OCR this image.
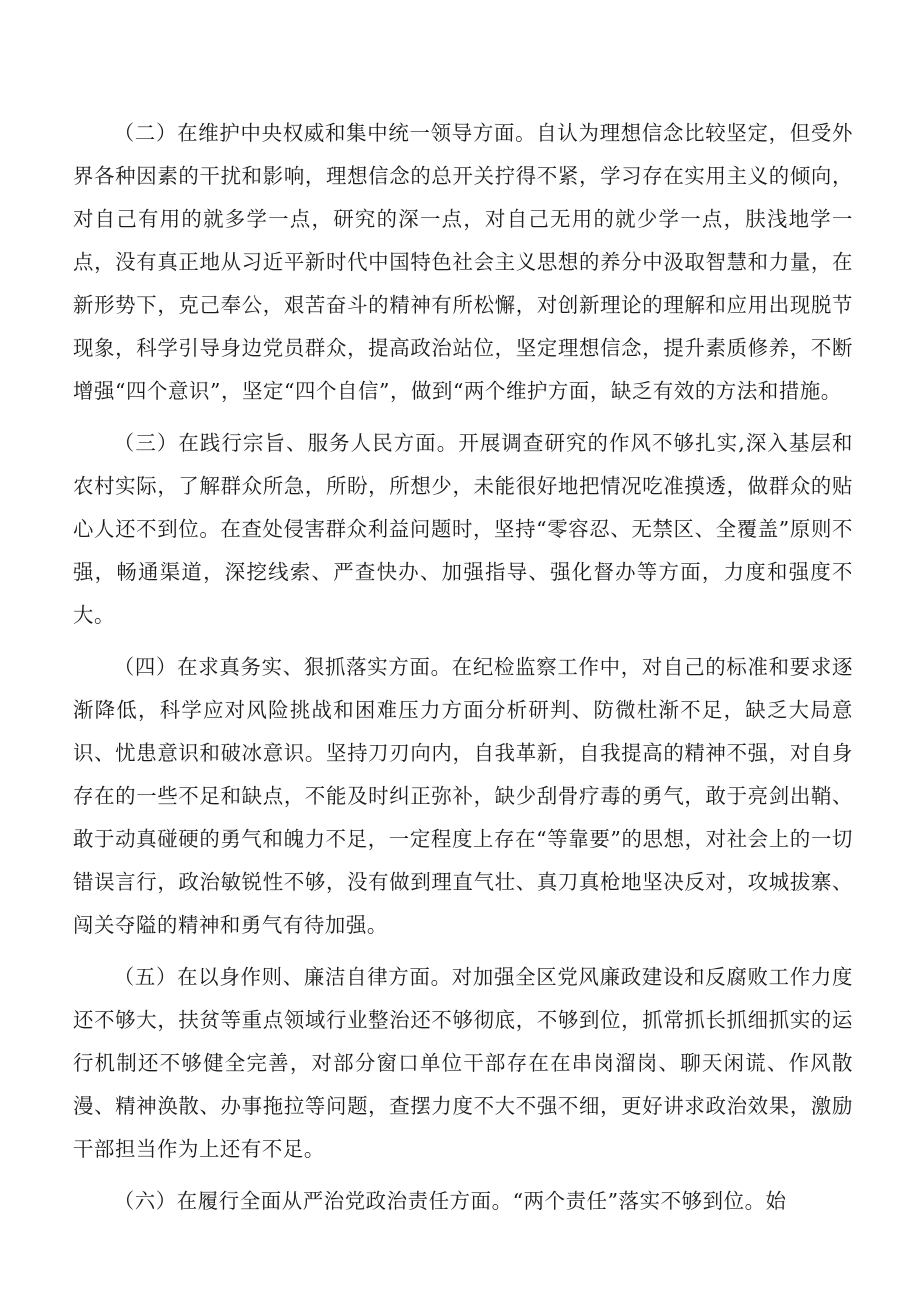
（二）在维护中央权威和集中统一领导方面。自认为理想信念比较坚定，但受外界各种因素的干扰和影响，理想信念的总开关拧得不紧，学习存在实用主义的倾向，对自己有用的就多学一点，研究的深一点，对自己无用的就少学一点，肤浅地学一点，没有真正地从习近平新时代中国特色社会主义思想的养分中汲取智慧和力量，在新形势下，克己奉公，艰苦奋斗的精神有所松懈，对创新理论的理解和应用出现脱节现象，科学引导身边党员群众，提高政治站位，坚定理想信念，提升素质修养，不断增强“四个意识”，坚定“四个自信”，做到“两个维护方面，缺乏有效的方法和措施。

（三）在践行宗旨、服务人民方面。开展调查研究的作风不够扎实,深入基层和农村实际，了解群众所急，所盼，所想少，未能很好地把情况吃准摸透，做群众的贴心人还不到位。在查处侵害群众利益问题时，坚持“零容忍、无禁区、全覆盖”原则不强，畅通渠道，深挖线索、严查快办、加强指导、强化督办等方面，力度和强度不大。

（四）在求真务实、狠抓落实方面。在纪检监察工作中，对自己的标准和要求逐渐降低，科学应对风险挑战和困难压力方面分析研判、防微杜渐不足，缺乏大局意识、忧患意识和破冰意识。坚持刀刃向内，自我革新，自我提高的精神不强，对自身存在的一些不足和缺点，不能及时纠正弥补，缺少刮骨疗毒的勇气，敢于亮剑出鞘、敢于动真碰硬的勇气和魄力不足，一定程度上存在“等靠要”的思想，对社会上的一切错误言行，政治敏锐性不够，没有做到理直气壮、真刀真枪地坚决反对，攻城拔寨、闯关夺隘的精神和勇气有待加强。

（五）在以身作则、廉洁自律方面。对加强全区党风廉政建设和反腐败工作力度还不够大，扶贫等重点领域行业整治还不够彻底，不够到位，抓常抓长抓细抓实的运行机制还不够健全完善，对部分窗口单位干部存在在串岗溜岗、聊天闲谎、作风散漫、精神涣散、办事拖拉等问题，查摆力度不大不强不细，更好讲求政治效果，激励干部担当作为上还有不足。

（六）在履行全面从严治党政治责任方面。“两个责任”落实不够到位。始
